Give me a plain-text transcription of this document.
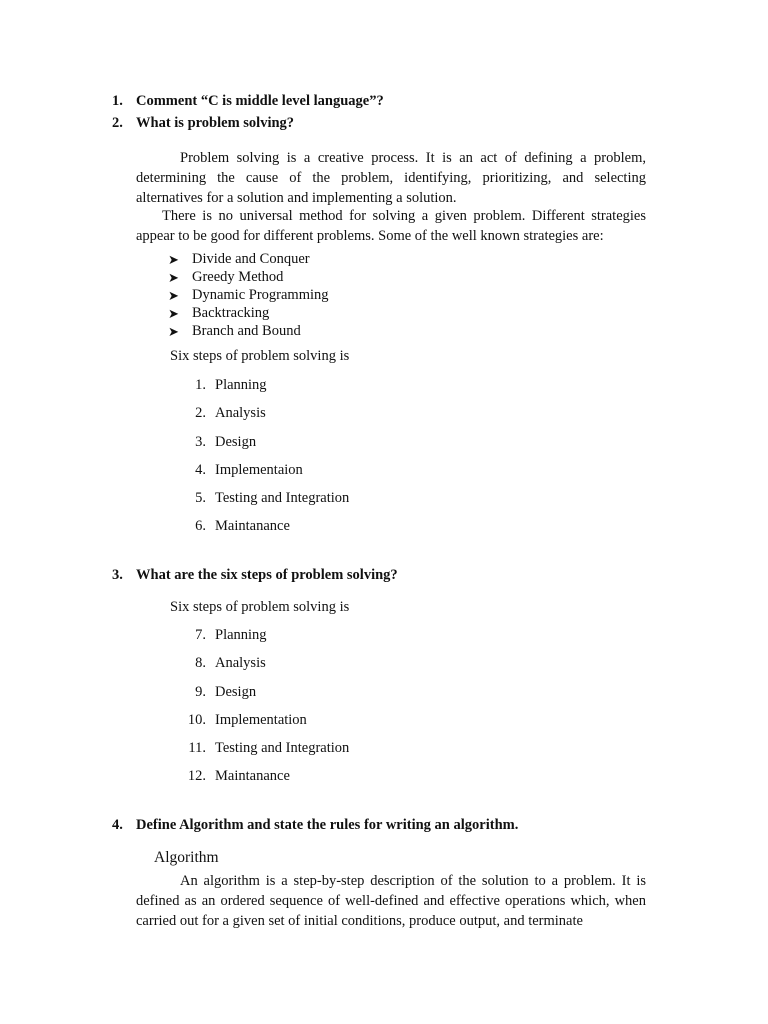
1. Comment “C is middle level language”?
2. What is problem solving?
Problem solving is a creative process. It is an act of defining a problem, determining the cause of the problem, identifying, prioritizing, and selecting alternatives for a solution and implementing a solution.
There is no universal method for solving a given problem. Different strategies appear to be good for different problems. Some of the well known strategies are:
➤ Divide and Conquer
➤ Greedy Method
➤ Dynamic Programming
➤ Backtracking
➤ Branch and Bound
Six steps of problem solving is
1. Planning
2. Analysis
3. Design
4. Implementaion
5. Testing and Integration
6. Maintanance
3. What are the six steps of problem solving?
Six steps of problem solving is
7. Planning
8. Analysis
9. Design
10. Implementation
11. Testing and Integration
12. Maintanance
4. Define Algorithm and state the rules for writing an algorithm.
Algorithm
An algorithm is a step-by-step description of the solution to a problem. It is defined as an ordered sequence of well-defined and effective operations which, when carried out for a given set of initial conditions, produce output, and terminate
